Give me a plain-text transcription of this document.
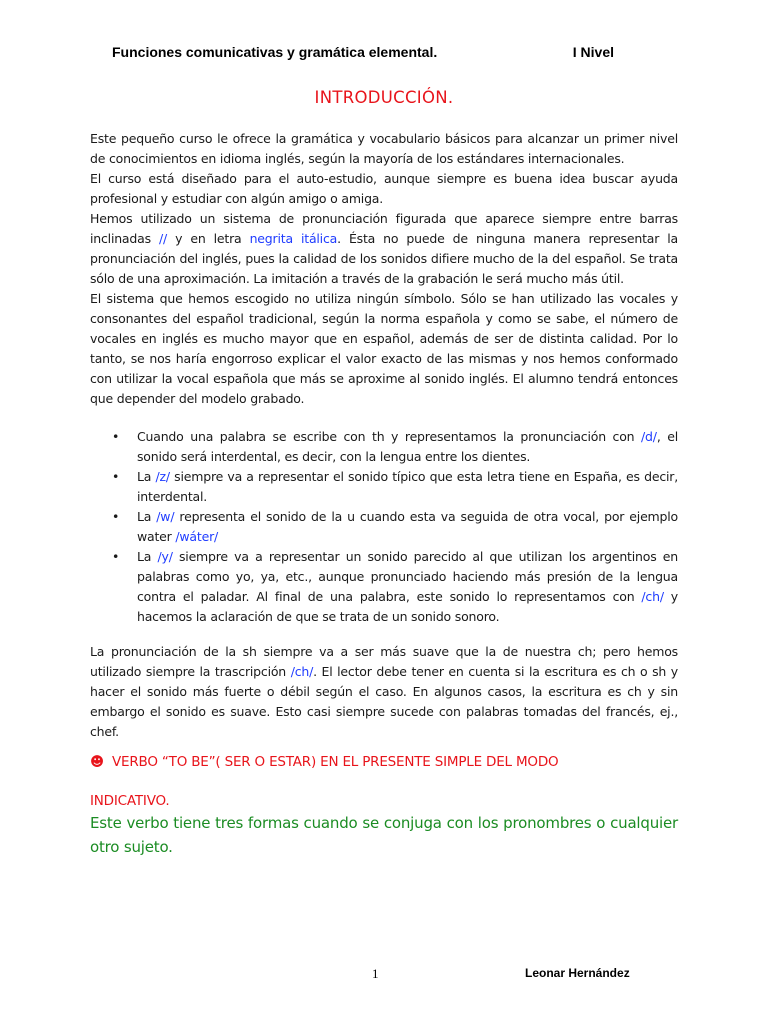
Funciones comunicativas y gramática elemental.	I Nivel
INTRODUCCIÓN.

Este pequeño curso le ofrece la gramática y vocabulario básicos para alcanzar un primer nivel de conocimientos en idioma inglés, según la mayoría de los estándares internacionales.

El curso está diseñado para el auto-estudio, aunque siempre es buena idea buscar ayuda profesional y estudiar con algún amigo o amiga.

Hemos utilizado un sistema de pronunciación figurada que aparece siempre entre barras inclinadas // y en letra negrita itálica. Ésta no puede de ninguna manera representar la pronunciación del inglés, pues la calidad de los sonidos difiere mucho de la del español. Se trata sólo de una aproximación. La imitación a través de la grabación le será mucho más útil.

El sistema que hemos escogido no utiliza ningún símbolo. Sólo se han utilizado las vocales y consonantes del español tradicional, según la norma española y como se sabe, el número de vocales en inglés es mucho mayor que en español, además de ser de distinta calidad. Por lo tanto, se nos haría engorroso explicar el valor exacto de las mismas y nos hemos conformado con utilizar la vocal española que más se aproxime al sonido inglés. El alumno tendrá entonces que depender del modelo grabado.

• Cuando una palabra se escribe con th y representamos la pronunciación con /d/, el sonido será interdental, es decir, con la lengua entre los dientes.
• La /z/ siempre va a representar el sonido típico que esta letra tiene en España, es decir, interdental.
• La /w/ representa el sonido de la u cuando esta va seguida de otra vocal, por ejemplo water /wáter/
• La /y/ siempre va a representar un sonido parecido al que utilizan los argentinos en palabras como yo, ya, etc., aunque pronunciado haciendo más presión de la lengua contra el paladar. Al final de una palabra, este sonido lo representamos con /ch/ y hacemos la aclaración de que se trata de un sonido sonoro.

La pronunciación de la sh siempre va a ser más suave que la de nuestra ch; pero hemos utilizado siempre la trascripción /ch/. El lector debe tener en cuenta si la escritura es ch o sh y hacer el sonido más fuerte o débil según el caso. En algunos casos, la escritura es ch y sin embargo el sonido es suave. Esto casi siempre sucede con palabras tomadas del francés, ej., chef.

☻ VERBO “TO BE”( SER O ESTAR) EN EL PRESENTE SIMPLE DEL MODO
INDICATIVO.

Este verbo tiene tres formas cuando se conjuga con los pronombres o cualquier otro sujeto.

1	Leonar Hernández
